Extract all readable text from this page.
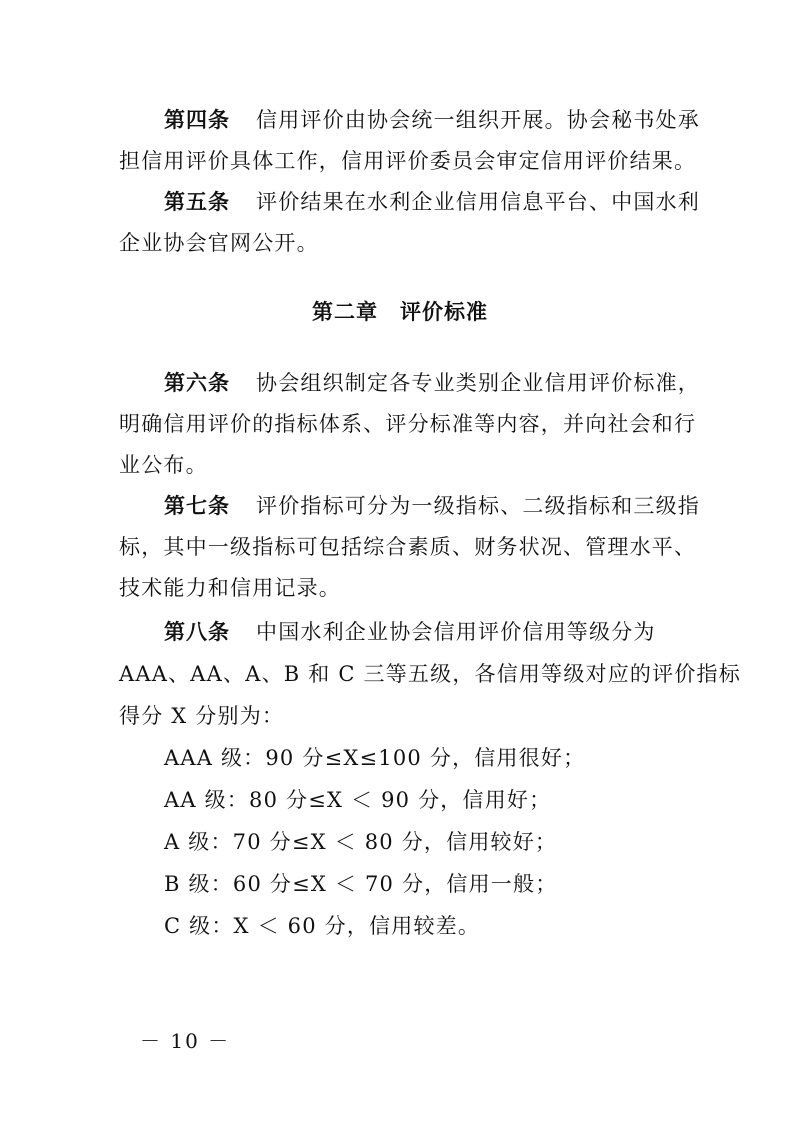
第四条 信用评价由协会统一组织开展。协会秘书处承
担信用评价具体工作，信用评价委员会审定信用评价结果。
第五条 评价结果在水利企业信用信息平台、中国水利
企业协会官网公开。
第二章 评价标准
第六条 协会组织制定各专业类别企业信用评价标准，
明确信用评价的指标体系、评分标准等内容，并向社会和行
业公布。
第七条 评价指标可分为一级指标、二级指标和三级指
标，其中一级指标可包括综合素质、财务状况、管理水平、
技术能力和信用记录。
第八条 中国水利企业协会信用评价信用等级分为
AAA、AA、A、B 和 C 三等五级，各信用等级对应的评价指标
得分 X 分别为：
AAA 级：90 分≤X≤100 分，信用很好；
AA 级：80 分≤X ＜ 90 分，信用好；
A 级：70 分≤X ＜ 80 分，信用较好；
B 级：60 分≤X ＜ 70 分，信用一般；
C 级：X ＜ 60 分，信用较差。
－ 10 －
